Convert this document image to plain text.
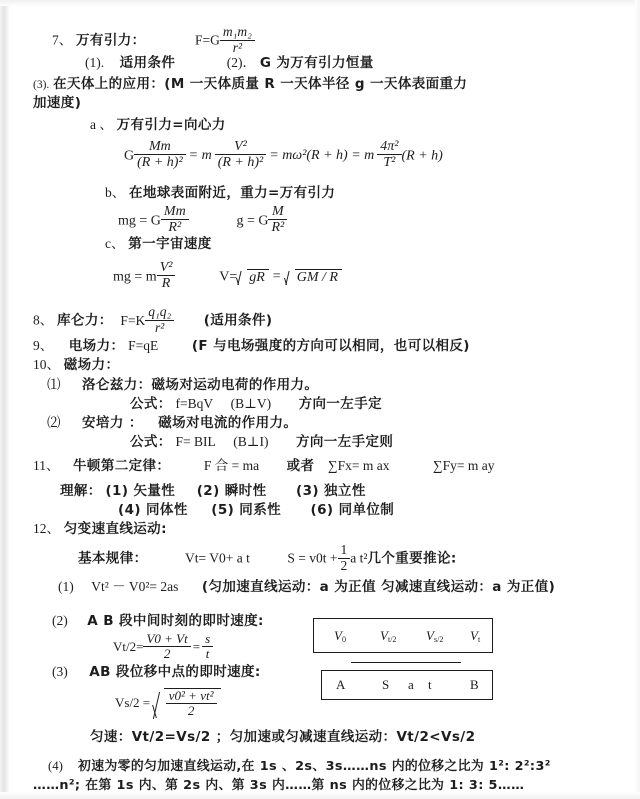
7、 万有引力：	$F=G \frac{\text{m₁m₂}}{\text{r²}}$
(1). 适用条件	(2)． G 为万有引力恒量
(3). 在天体上的应用：(M 一天体质量 R 一天体半径 g 一天体表面重力
加速度)
a 、 万有引力=向心力
G $\frac{Mm}{\text{(R + h)²}} = m \frac{\text{V²}}{\text{(R + h)²}} = m\omega^2(R + h) = m \frac{\text{4π²}}{\text{T²}} (R + h)$
b、 在地球表面附近，重力=万有引力
mg = G $\frac{Mm}{\text{R²}}$	g = G $\frac{M}{\text{R²}}$
c、 第一宇宙速度
mg = m $\frac{\text{V²}}{R}$	V= gR = GM / R
8、 库仑力： $F=K \frac{\text{q₁q₂}}{\text{r²}}$ (适用条件)
9、 电场力： F=qE (F 与电场强度的方向可以相同，也可以相反)
10、 磁场力：
⑴ 洛仑兹力：磁场对运动电荷的作用力。
公式： f=BqV (B⊥V) 方向一左手定
⑵ 安培力 ： 磁场对电流的作用力。
公式： F= BIL (B⊥I) 方向一左手定则
11、 牛顿第二定律： F 合 = ma 或者 ∑Fx= m ax	∑Fy= m ay
理解： (1) 矢量性 (2) 瞬时性 (3) 独立性
(4) 同体性 (5) 同系性 (6) 同单位制
12、 匀变速直线运动:
基本规律：	Vt= V0+ a t	$S = v0t + \frac{1}{2}$ a t²几个重要推论:
(1) Vt² － V0²= 2as (匀加速直线运动：a 为正值 匀减速直线运动：a 为正值)
(2) A B 段中间时刻的即时速度:
$Vt/2= \frac{V0 + Vt}{2} = \frac{s}{t}$
(3) AB 段位移中点的即时速度:
$Vs/2 = \frac{\text{v0² + vt²}}{2}$
匀速：Vt/2=Vs/2 ；匀加速或匀减速直线运动：Vt/2<Vs/2
(4) 初速为零的匀加速直线运动,在 1s 、2s、3s……ns 内的位移之比为 1²: 2²:3²
……n²; 在第 1s 内、第 2s 内、第 3s 内……第 ns 内的位移之比为 1: 3: 5……
$V_0$	$V_{t/2}$ $V_{s/2}$ $V_t$
A	S a t	B
